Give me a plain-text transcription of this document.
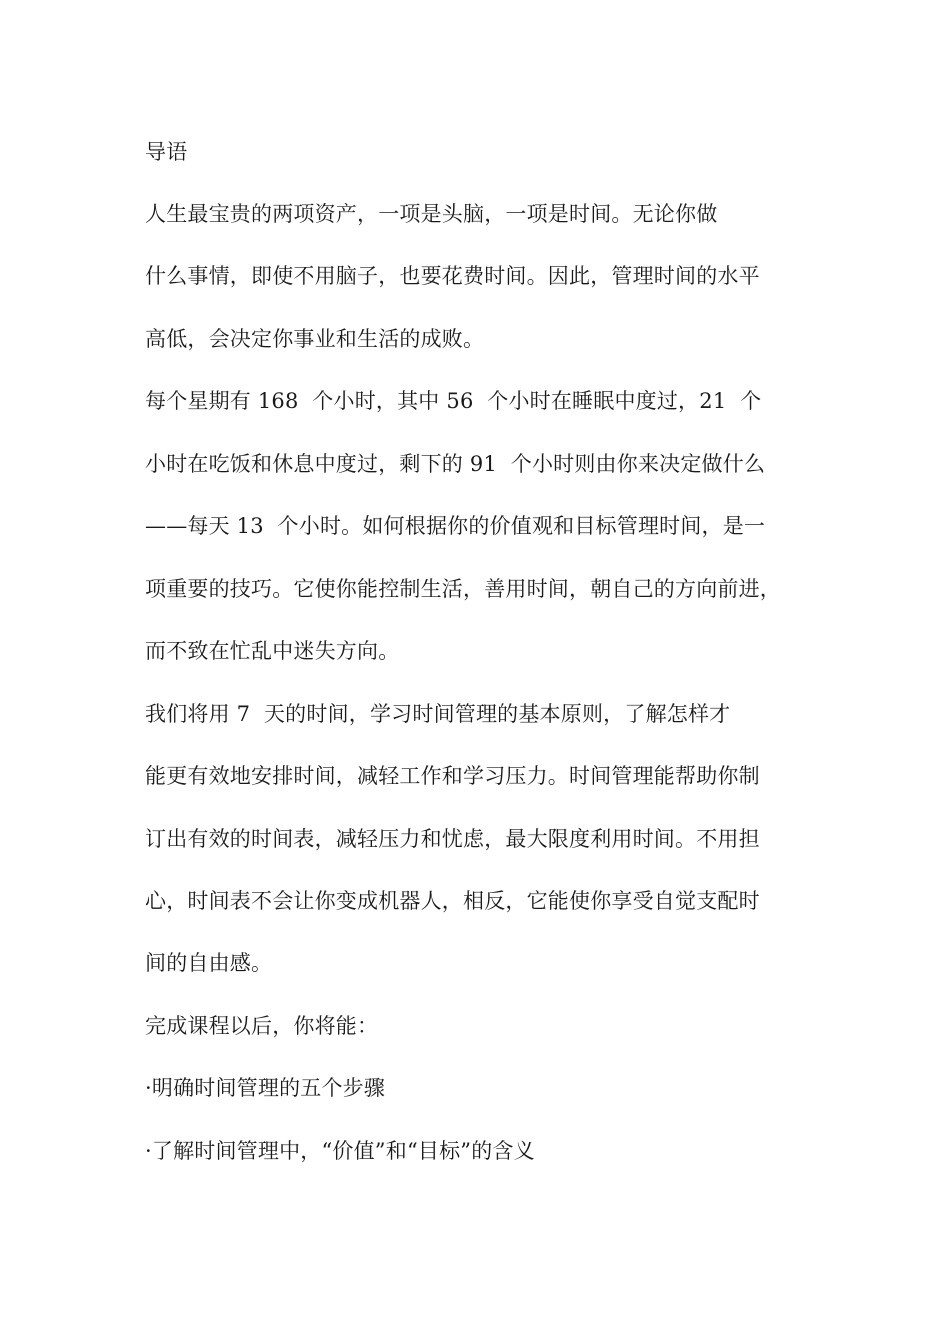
导语

人生最宝贵的两项资产，一项是头脑，一项是时间。无论你做

什么事情，即使不用脑子，也要花费时间。因此，管理时间的水平

高低，会决定你事业和生活的成败。

每个星期有 168  个小时，其中 56  个小时在睡眠中度过，21  个

小时在吃饭和休息中度过，剩下的 91  个小时则由你来决定做什么

——每天 13  个小时。如何根据你的价值观和目标管理时间，是一

项重要的技巧。它使你能控制生活，善用时间，朝自己的方向前进，

而不致在忙乱中迷失方向。

我们将用 7  天的时间，学习时间管理的基本原则，了解怎样才

能更有效地安排时间，减轻工作和学习压力。时间管理能帮助你制

订出有效的时间表，减轻压力和忧虑，最大限度利用时间。不用担

心，时间表不会让你变成机器人，相反，它能使你享受自觉支配时

间的自由感。

完成课程以后，你将能：

·明确时间管理的五个步骤

·了解时间管理中，“价值”和“目标”的含义
